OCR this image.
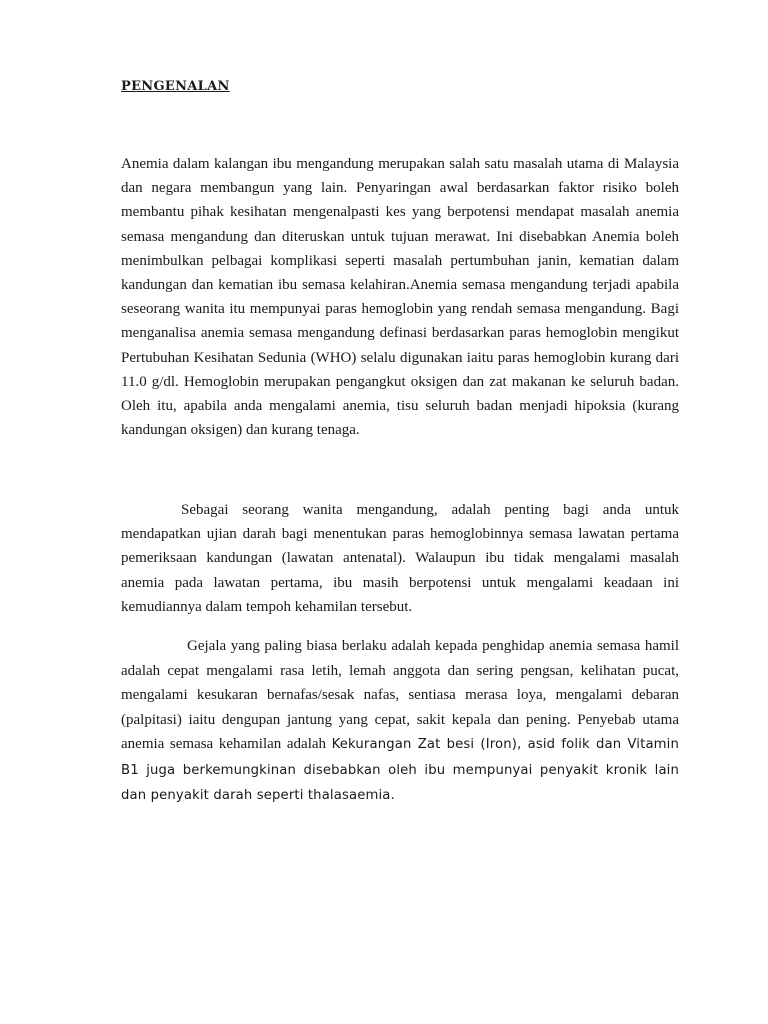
PENGENALAN

Anemia dalam kalangan ibu mengandung merupakan salah satu masalah utama di Malaysia dan negara membangun yang lain. Penyaringan awal berdasarkan faktor risiko boleh membantu pihak kesihatan mengenalpasti kes yang berpotensi mendapat masalah anemia semasa mengandung dan diteruskan untuk tujuan merawat. Ini disebabkan Anemia boleh menimbulkan pelbagai komplikasi seperti masalah pertumbuhan janin, kematian dalam kandungan dan kematian ibu semasa kelahiran.Anemia semasa mengandung terjadi apabila seseorang wanita itu mempunyai paras hemoglobin yang rendah semasa mengandung. Bagi menganalisa anemia semasa mengandung definasi berdasarkan paras hemoglobin mengikut Pertubuhan Kesihatan Sedunia (WHO) selalu digunakan iaitu paras hemoglobin kurang dari 11.0 g/dl. Hemoglobin merupakan pengangkut oksigen dan zat makanan ke seluruh badan. Oleh itu, apabila anda mengalami anemia, tisu seluruh badan menjadi hipoksia (kurang kandungan oksigen) dan kurang tenaga.

Sebagai seorang wanita mengandung, adalah penting bagi anda untuk mendapatkan ujian darah bagi menentukan paras hemoglobinnya semasa lawatan pertama pemeriksaan kandungan (lawatan antenatal). Walaupun ibu tidak mengalami masalah anemia pada lawatan pertama, ibu masih berpotensi untuk mengalami keadaan ini kemudiannya dalam tempoh kehamilan tersebut.

Gejala yang paling biasa berlaku adalah kepada penghidap anemia semasa hamil adalah cepat mengalami rasa letih, lemah anggota dan sering pengsan, kelihatan pucat, mengalami kesukaran bernafas/sesak nafas, sentiasa merasa loya, mengalami debaran (palpitasi) iaitu dengupan jantung yang cepat, sakit kepala dan pening. Penyebab utama anemia semasa kehamilan adalah Kekurangan Zat besi (Iron), asid folik dan Vitamin B1 juga berkemungkinan disebabkan oleh ibu mempunyai penyakit kronik lain dan penyakit darah seperti thalasaemia.
